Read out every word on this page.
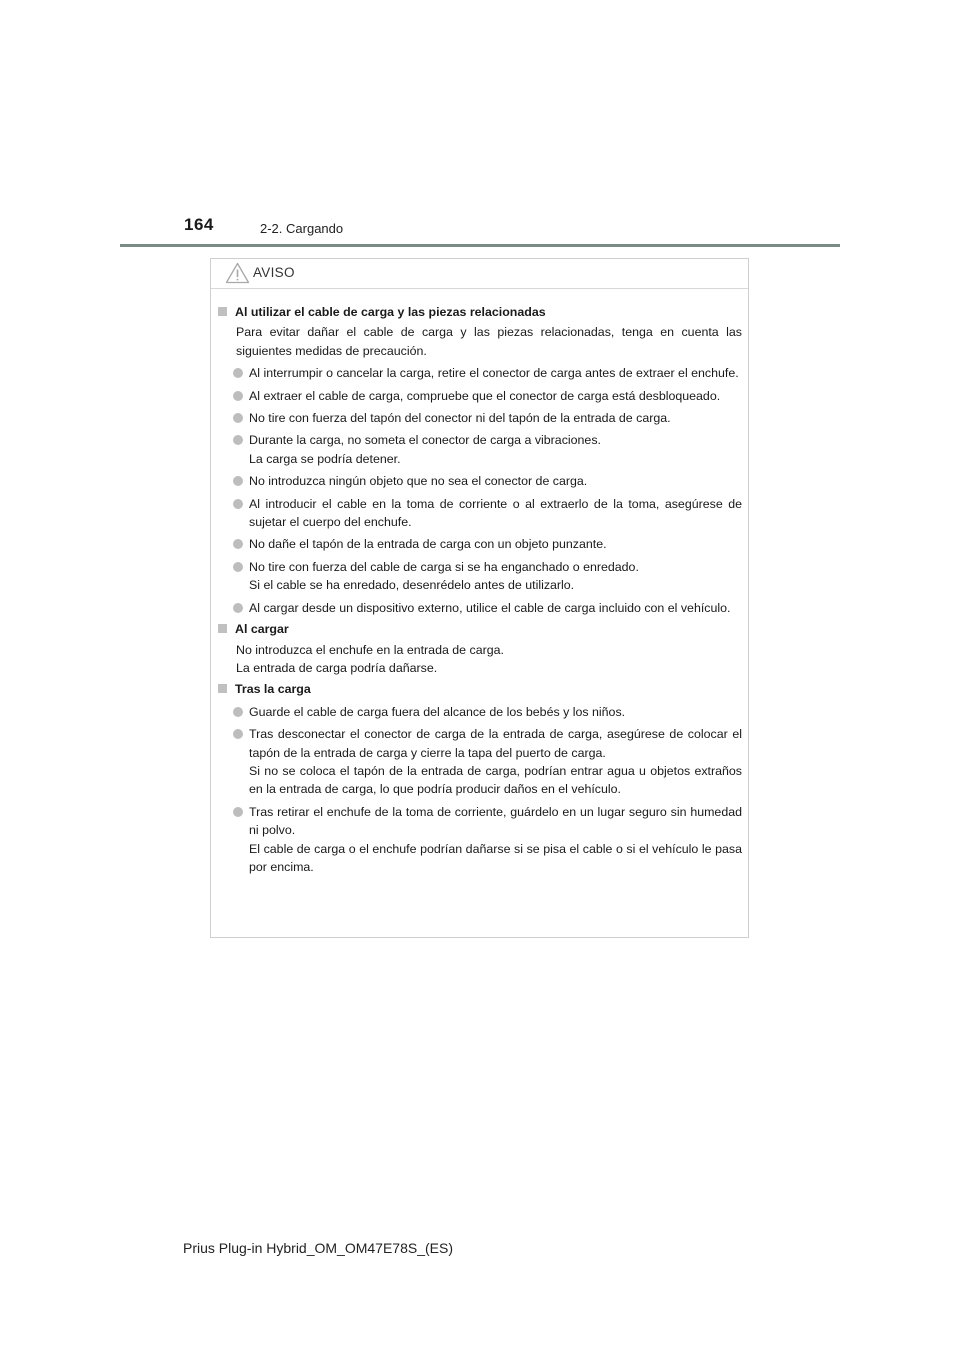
164	2-2. Cargando
AVISO
Al utilizar el cable de carga y las piezas relacionadas
Para evitar dañar el cable de carga y las piezas relacionadas, tenga en cuenta las siguientes medidas de precaución.
Al interrumpir o cancelar la carga, retire el conector de carga antes de extraer el enchufe.
Al extraer el cable de carga, compruebe que el conector de carga está desbloqueado.
No tire con fuerza del tapón del conector ni del tapón de la entrada de carga.
Durante la carga, no someta el conector de carga a vibraciones.
La carga se podría detener.
No introduzca ningún objeto que no sea el conector de carga.
Al introducir el cable en la toma de corriente o al extraerlo de la toma, asegúrese de sujetar el cuerpo del enchufe.
No dañe el tapón de la entrada de carga con un objeto punzante.
No tire con fuerza del cable de carga si se ha enganchado o enredado.
Si el cable se ha enredado, desenrédelo antes de utilizarlo.
Al cargar desde un dispositivo externo, utilice el cable de carga incluido con el vehículo.
Al cargar
No introduzca el enchufe en la entrada de carga.
La entrada de carga podría dañarse.
Tras la carga
Guarde el cable de carga fuera del alcance de los bebés y los niños.
Tras desconectar el conector de carga de la entrada de carga, asegúrese de colocar el tapón de la entrada de carga y cierre la tapa del puerto de carga.
Si no se coloca el tapón de la entrada de carga, podrían entrar agua u objetos extraños en la entrada de carga, lo que podría producir daños en el vehículo.
Tras retirar el enchufe de la toma de corriente, guárdelo en un lugar seguro sin humedad ni polvo.
El cable de carga o el enchufe podrían dañarse si se pisa el cable o si el vehículo le pasa por encima.
Prius Plug-in Hybrid_OM_OM47E78S_(ES)
